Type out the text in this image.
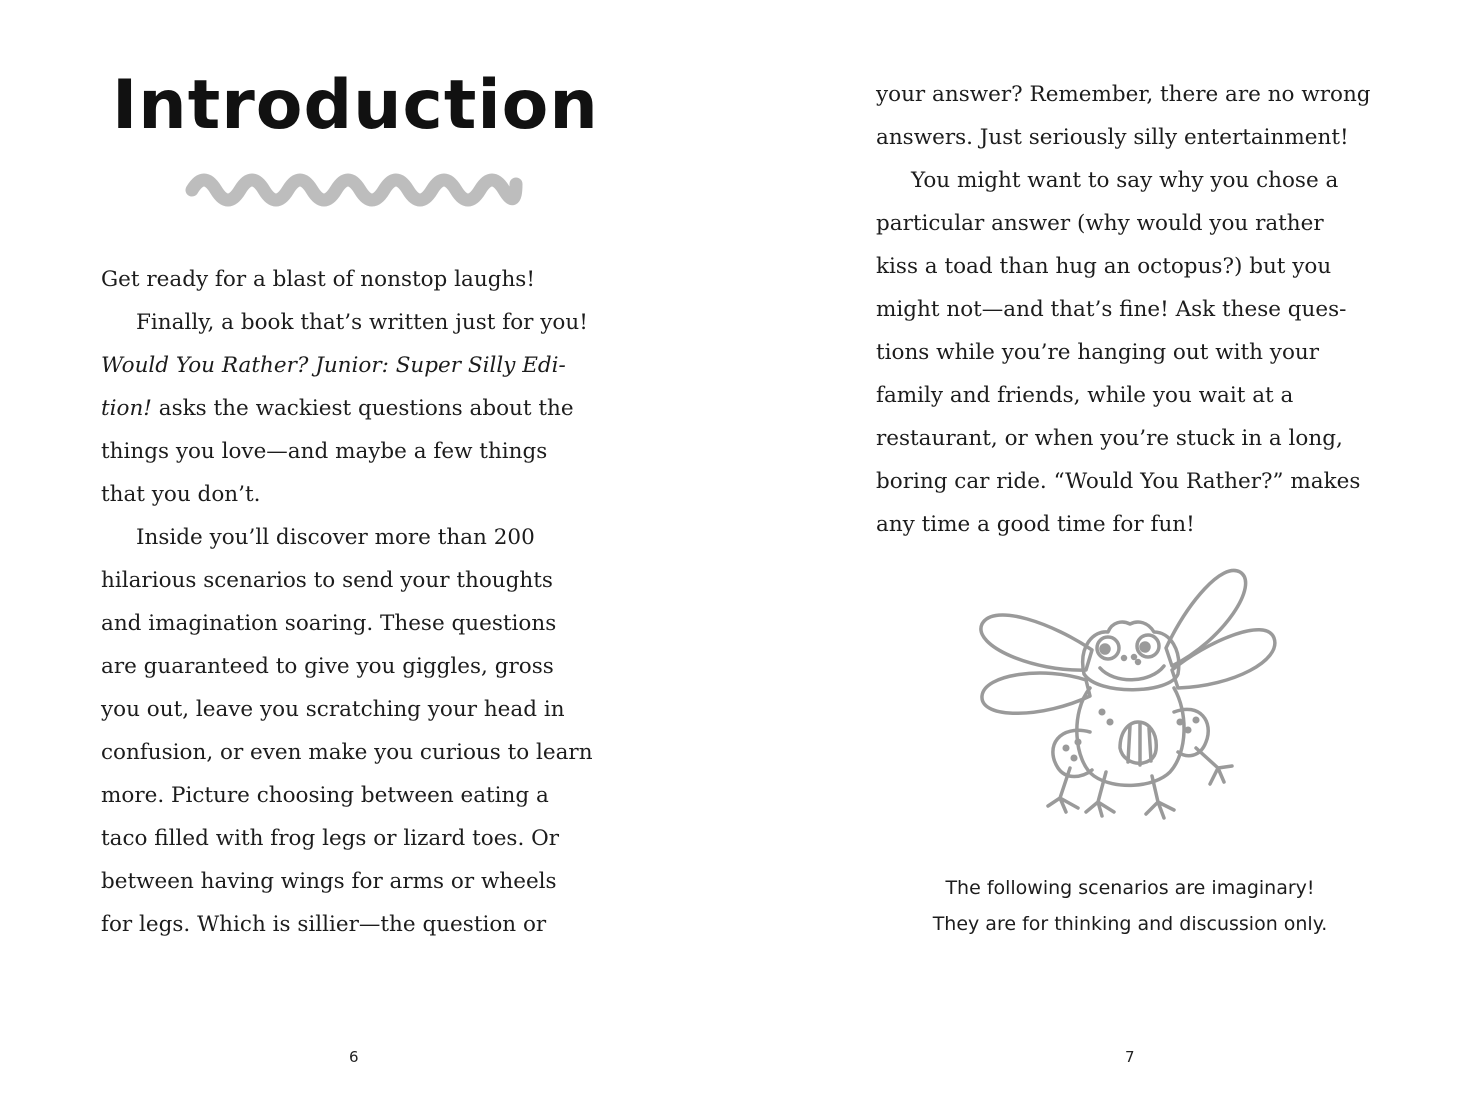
Introduction

Get ready for a blast of nonstop laughs!

Finally, a book that’s written just for you!
Would You Rather? Junior: Super Silly Edi-
tion! asks the wackiest questions about the
things you love—and maybe a few things
that you don’t.

Inside you’ll discover more than 200
hilarious scenarios to send your thoughts
and imagination soaring. These questions
are guaranteed to give you giggles, gross
you out, leave you scratching your head in
confusion, or even make you curious to learn
more. Picture choosing between eating a
taco filled with frog legs or lizard toes. Or
between having wings for arms or wheels
for legs. Which is sillier—the question or

6

your answer? Remember, there are no wrong
answers. Just seriously silly entertainment!

You might want to say why you chose a
particular answer (why would you rather
kiss a toad than hug an octopus?) but you
might not—and that’s fine! Ask these ques-
tions while you’re hanging out with your
family and friends, while you wait at a
restaurant, or when you’re stuck in a long,
boring car ride. “Would You Rather?” makes
any time a good time for fun!

The following scenarios are imaginary!
They are for thinking and discussion only.
7
